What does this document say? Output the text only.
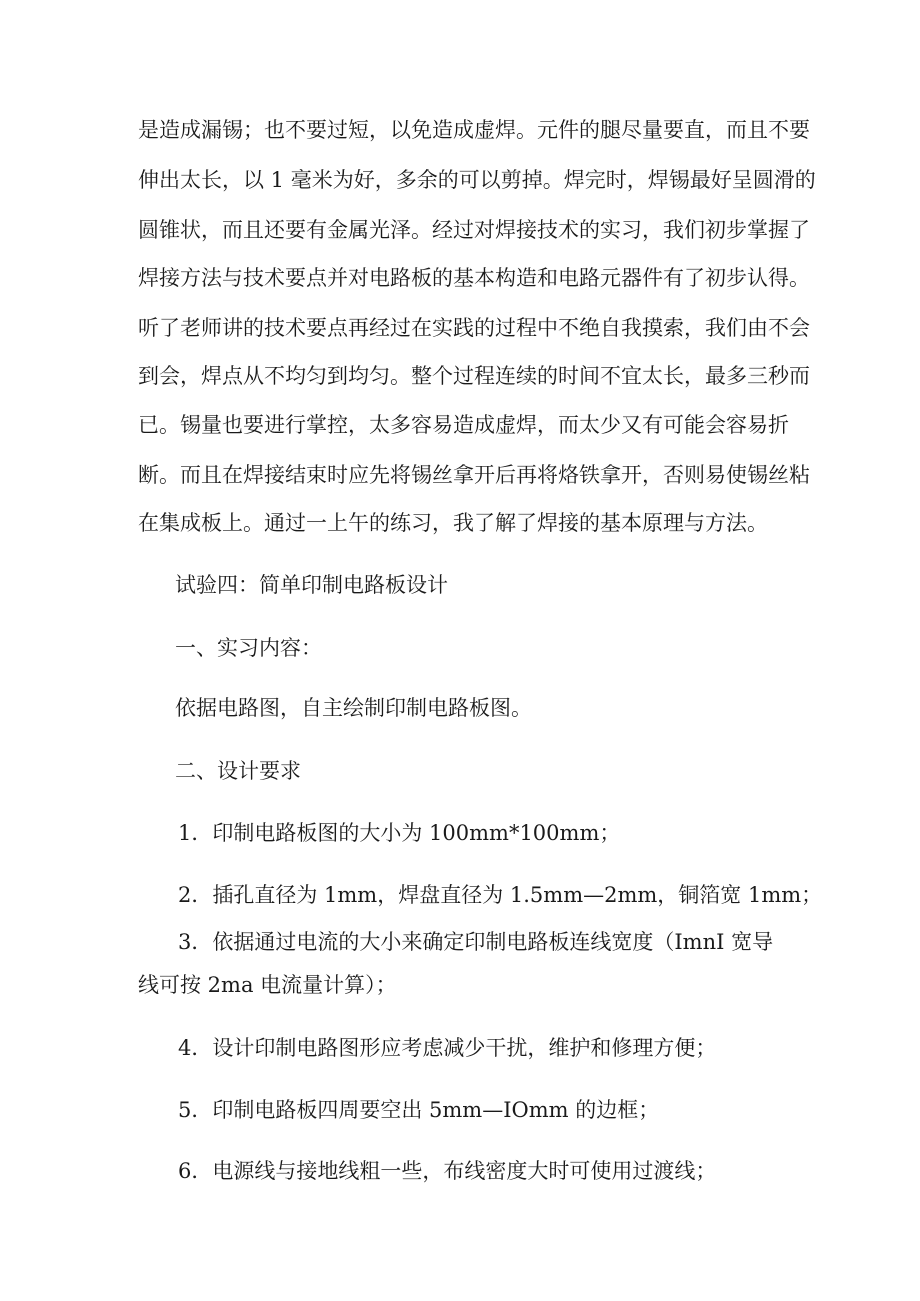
是造成漏锡；也不要过短，以免造成虚焊。元件的腿尽量要直，而且不要
伸出太长，以 1 毫米为好，多余的可以剪掉。焊完时，焊锡最好呈圆滑的
圆锥状，而且还要有金属光泽。经过对焊接技术的实习，我们初步掌握了
焊接方法与技术要点并对电路板的基本构造和电路元器件有了初步认得。
听了老师讲的技术要点再经过在实践的过程中不绝自我摸索，我们由不会
到会，焊点从不均匀到均匀。整个过程连续的时间不宜太长，最多三秒而
已。锡量也要进行掌控，太多容易造成虚焊，而太少又有可能会容易折
断。而且在焊接结束时应先将锡丝拿开后再将烙铁拿开，否则易使锡丝粘
在集成板上。通过一上午的练习，我了解了焊接的基本原理与方法。
试验四：简单印制电路板设计
一、实习内容：
依据电路图，自主绘制印制电路板图。
二、设计要求
1．印制电路板图的大小为 100mm*100mm；
2．插孔直径为 1mm，焊盘直径为 1.5mm—2mm，铜箔宽 1mm；
3．依据通过电流的大小来确定印制电路板连线宽度（ImnI 宽导
线可按 2ma 电流量计算）；
4．设计印制电路图形应考虑减少干扰，维护和修理方便；
5．印制电路板四周要空出 5mm—IOmm 的边框；
6．电源线与接地线粗一些，布线密度大时可使用过渡线；
